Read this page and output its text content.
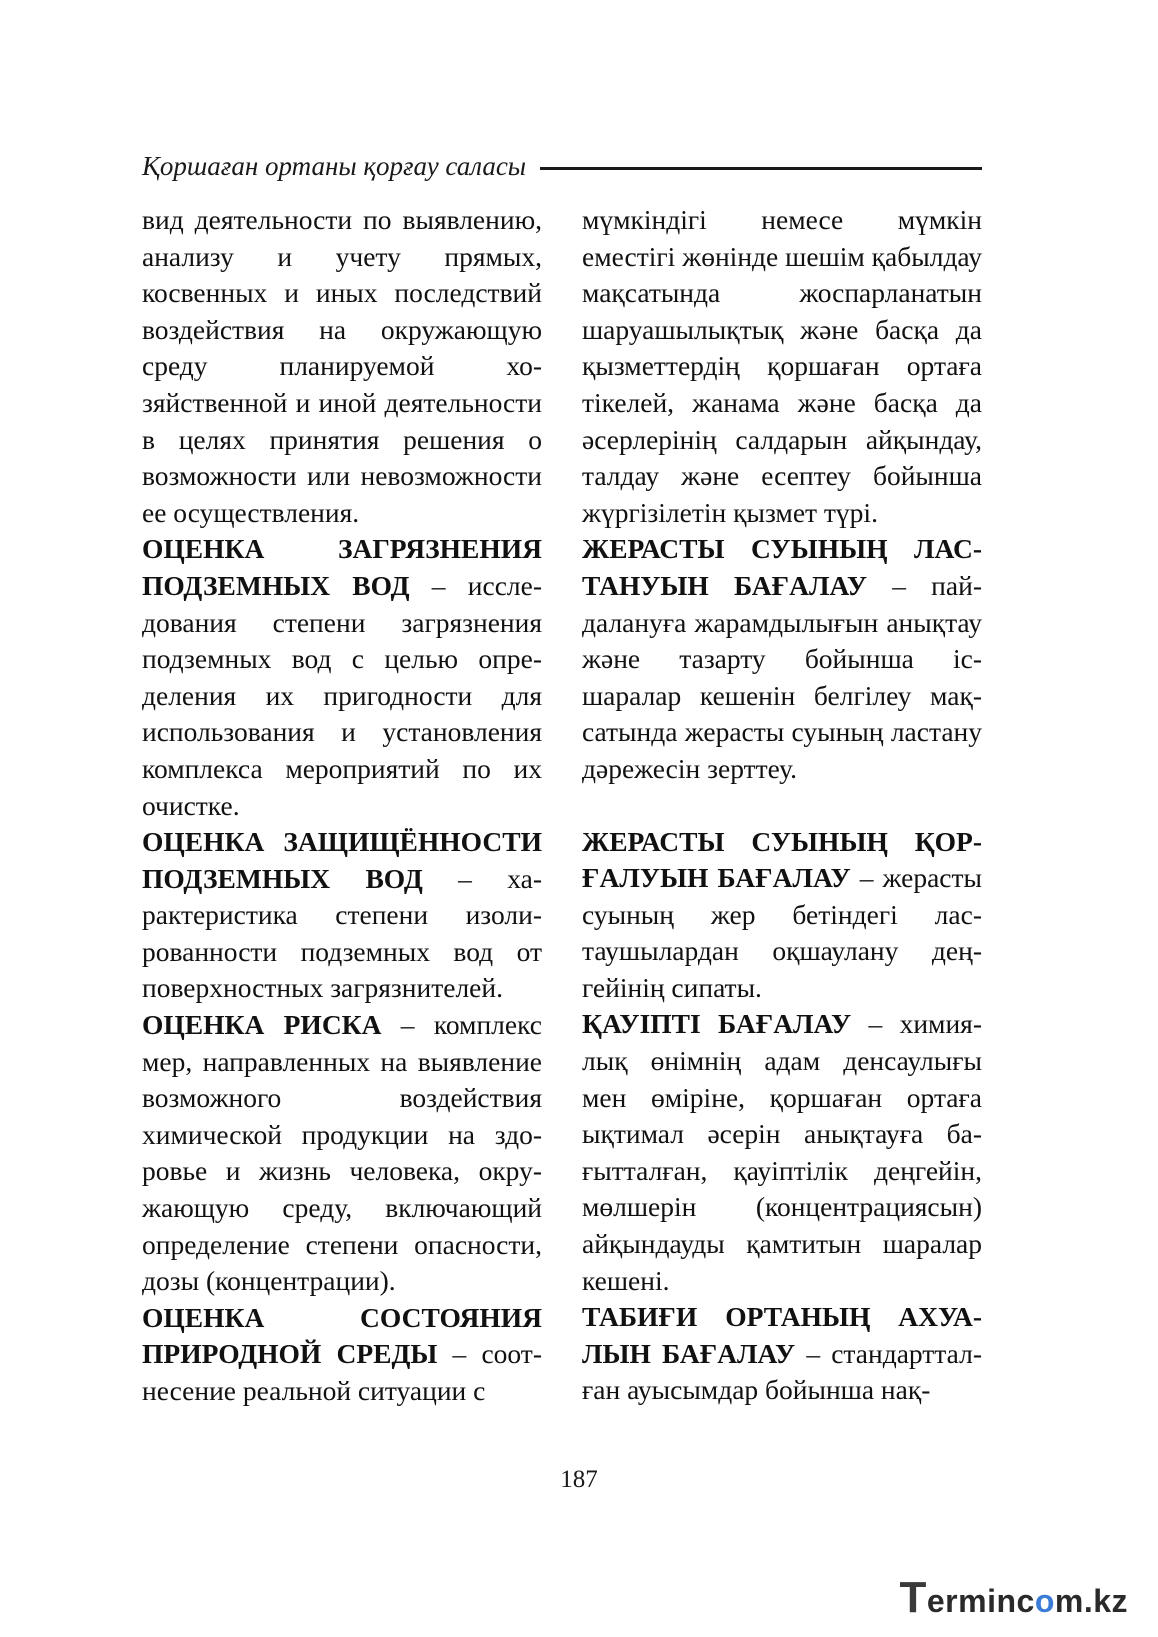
Қоршаған ортаны қорғау саласы

вид деятельности по выявлению, анализу и учету прямых, косвенных и иных последствий воздействия на окружающую среду планируемой хозяйственной и иной деятельности в целях принятия решения о возможности или невозможности ее осуществления.

ОЦЕНКА ЗАГРЯЗНЕНИЯ ПОДЗЕМНЫХ ВОД – исследования степени загрязнения подземных вод с целью определения их пригодности для использования и установления комплекса мероприятий по их очистке.

ОЦЕНКА ЗАЩИЩЁННОСТИ ПОДЗЕМНЫХ ВОД – характеристика степени изолированности подземных вод от поверхностных загрязнителей.

ОЦЕНКА РИСКА – комплекс мер, направленных на выявление возможного воздействия химической продукции на здоровье и жизнь человека, окружающую среду, включающий определение степени опасности, дозы (концентрации).

ОЦЕНКА СОСТОЯНИЯ ПРИРОДНОЙ СРЕДЫ – соотнесение реальной ситуации с

мүмкіндігі немесе мүмкін еместігі жөнінде шешім қабылдау мақсатында жоспарланатын шаруашылықтық және басқа да қызметтердің қоршаған ортаға тікелей, жанама және басқа да әсерлерінің салдарын айқындау, талдау және есептеу бойынша жүргізілетін қызмет түрі.

ЖЕРАСТЫ СУЫНЫҢ ЛАСТАНУЫН БАҒАЛАУ – пайдалануға жарамдылығын анықтау және тазарту бойынша іс-шаралар кешенін белгілеу мақсатында жерасты суының ластану дәрежесін зерттеу.

ЖЕРАСТЫ СУЫНЫҢ ҚОРҒАЛУЫН БАҒАЛАУ – жерасты суының жер бетіндегі ластаушылардан оқшаулану деңгейінің сипаты.

ҚАУІПТІ БАҒАЛАУ – химиялық өнімнің адам денсаулығы мен өміріне, қоршаған ортаға ықтимал әсерін анықтауға бағытталған, қауіптілік деңгейін, мөлшерін (концентрациясын) айқындауды қамтитын шаралар кешені.

ТАБИҒИ ОРТАНЫҢ АХУАЛЫН БАҒАЛАУ – стандартталған ауысымдар бойынша нақ-

187
T erminc o m.kz
